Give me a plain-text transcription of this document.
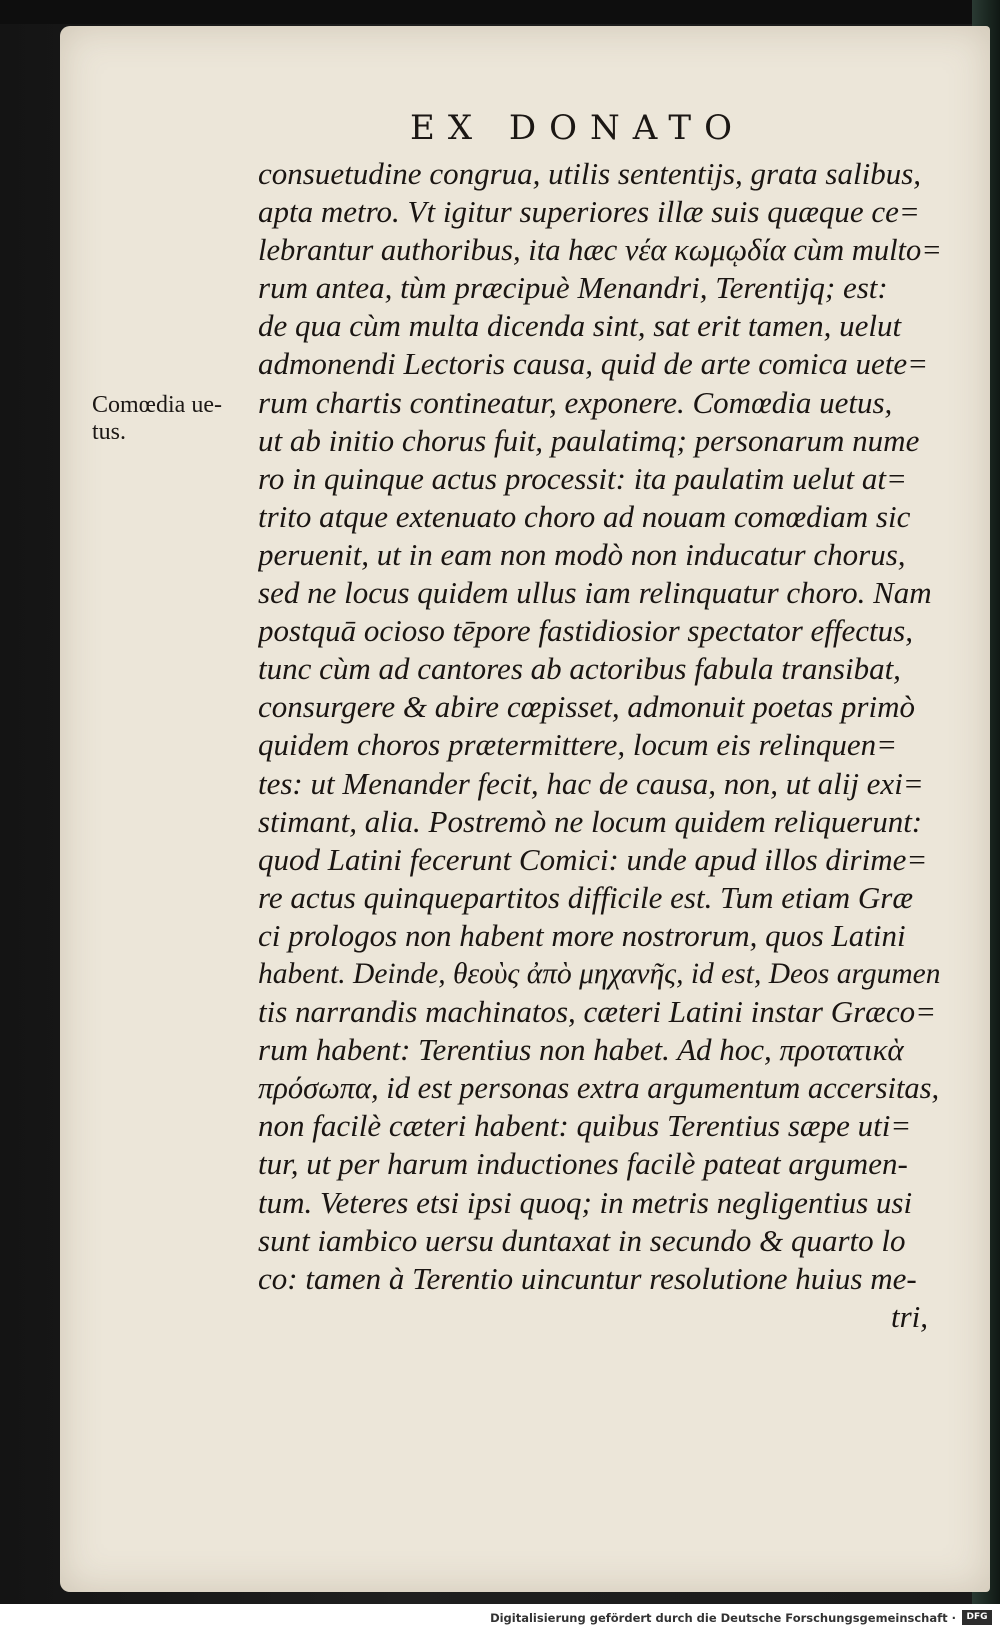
EX DONATO
Comœdia ue-
tus.
consuetudine congrua, utilis sententijs, grata salibus,
apta metro. Vt igitur superiores illæ suis quæque ce=
lebrantur authoribus, ita hæc νέα κωμῳδία cùm multo=
rum antea, tùm præcipuè Menandri, Terentijq; est:
de qua cùm multa dicenda sint, sat erit tamen, uelut
admonendi Lectoris causa, quid de arte comica uete=
rum chartis contineatur, exponere. Comœdia uetus,
ut ab initio chorus fuit, paulatimq; personarum nume
ro in quinque actus processit: ita paulatim uelut at=
trito atque extenuato choro ad nouam comœdiam sic
peruenit, ut in eam non modò non inducatur chorus,
sed ne locus quidem ullus iam relinquatur choro. Nam
postquā ocioso tēpore fastidiosior spectator effectus,
tunc cùm ad cantores ab actoribus fabula transibat,
consurgere & abire cœpisset, admonuit poetas primò
quidem choros prætermittere, locum eis relinquen=
tes: ut Menander fecit, hac de causa, non, ut alij exi=
stimant, alia. Postremò ne locum quidem reliquerunt:
quod Latini fecerunt Comici: unde apud illos dirime=
re actus quinquepartitos difficile est. Tum etiam Græ
ci prologos non habent more nostrorum, quos Latini
habent. Deinde, θεοὺς ἀπὸ μηχανῆς, id est, Deos argumen
tis narrandis machinatos, cæteri Latini instar Græco=
rum habent: Terentius non habet. Ad hoc, προτατικὰ
πρόσωπα, id est personas extra argumentum accersitas,
non facilè cæteri habent: quibus Terentius sæpe uti=
tur, ut per harum inductiones facilè pateat argumen-
tum. Veteres etsi ipsi quoq; in metris negligentius usi
sunt iambico uersu duntaxat in secundo & quarto lo
co: tamen à Terentio uincuntur resolutione huius me-
tri,
Digitalisierung gefördert durch die Deutsche Forschungsgemeinschaft ·	DFG
